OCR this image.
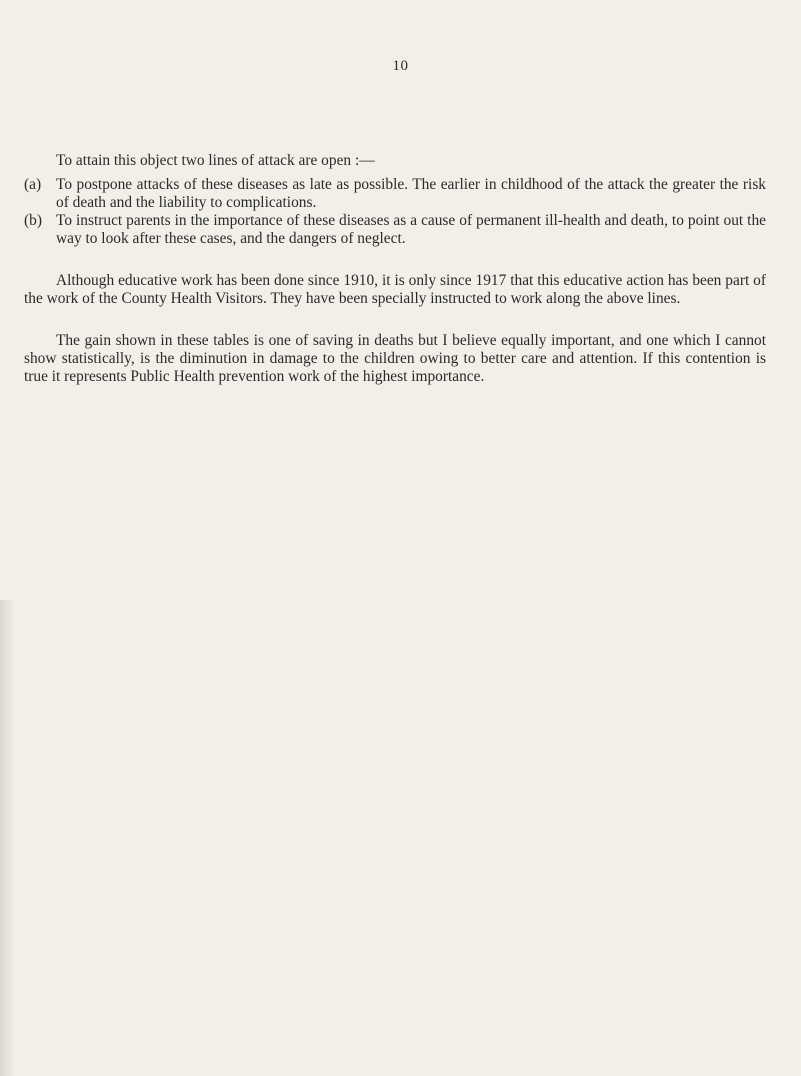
10

To attain this object two lines of attack are open :—

(a) To postpone attacks of these diseases as late as possible. The earlier in childhood of the attack the greater the risk of death and the liability to complications.
(b) To instruct parents in the importance of these diseases as a cause of permanent ill-health and death, to point out the way to look after these cases, and the dangers of neglect.

Although educative work has been done since 1910, it is only since 1917 that this educative action has been part of the work of the County Health Visitors. They have been specially instructed to work along the above lines.

The gain shown in these tables is one of saving in deaths but I believe equally important, and one which I cannot show statistically, is the diminution in damage to the children owing to better care and attention. If this contention is true it represents Public Health prevention work of the highest importance.
